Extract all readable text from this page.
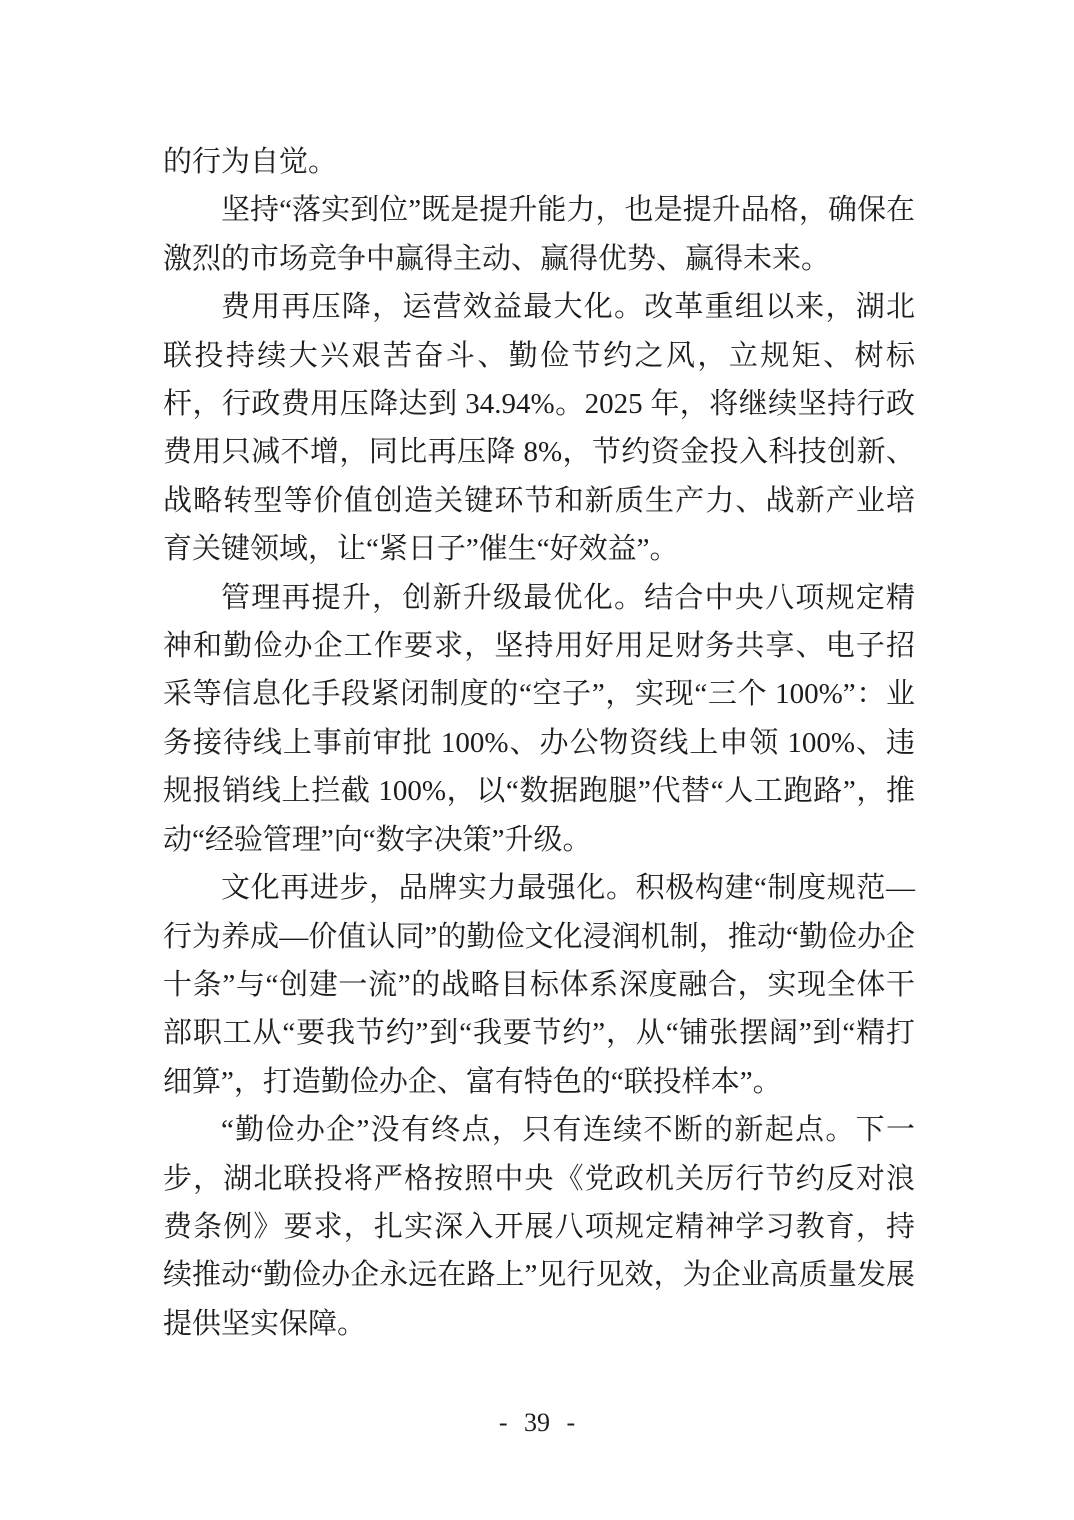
的行为自觉。

坚持“落实到位”既是提升能力，也是提升品格，确保在激烈的市场竞争中赢得主动、赢得优势、赢得未来。

费用再压降，运营效益最大化。改革重组以来，湖北联投持续大兴艰苦奋斗、勤俭节约之风，立规矩、树标杆，行政费用压降达到 34.94%。2025 年，将继续坚持行政费用只减不增，同比再压降 8%，节约资金投入科技创新、战略转型等价值创造关键环节和新质生产力、战新产业培育关键领域，让“紧日子”催生“好效益”。

管理再提升，创新升级最优化。结合中央八项规定精神和勤俭办企工作要求，坚持用好用足财务共享、电子招采等信息化手段紧闭制度的“空子”，实现“三个 100%”：业务接待线上事前审批 100%、办公物资线上申领 100%、违规报销线上拦截 100%，以“数据跑腿”代替“人工跑路”，推动“经验管理”向“数字决策”升级。

文化再进步，品牌实力最强化。积极构建“制度规范—行为养成—价值认同”的勤俭文化浸润机制，推动“勤俭办企十条”与“创建一流”的战略目标体系深度融合，实现全体干部职工从“要我节约”到“我要节约”，从“铺张摆阔”到“精打细算”，打造勤俭办企、富有特色的“联投样本”。

“勤俭办企”没有终点，只有连续不断的新起点。下一步，湖北联投将严格按照中央《党政机关厉行节约反对浪费条例》要求，扎实深入开展八项规定精神学习教育，持续推动“勤俭办企永远在路上”见行见效，为企业高质量发展提供坚实保障。

- 39 -
